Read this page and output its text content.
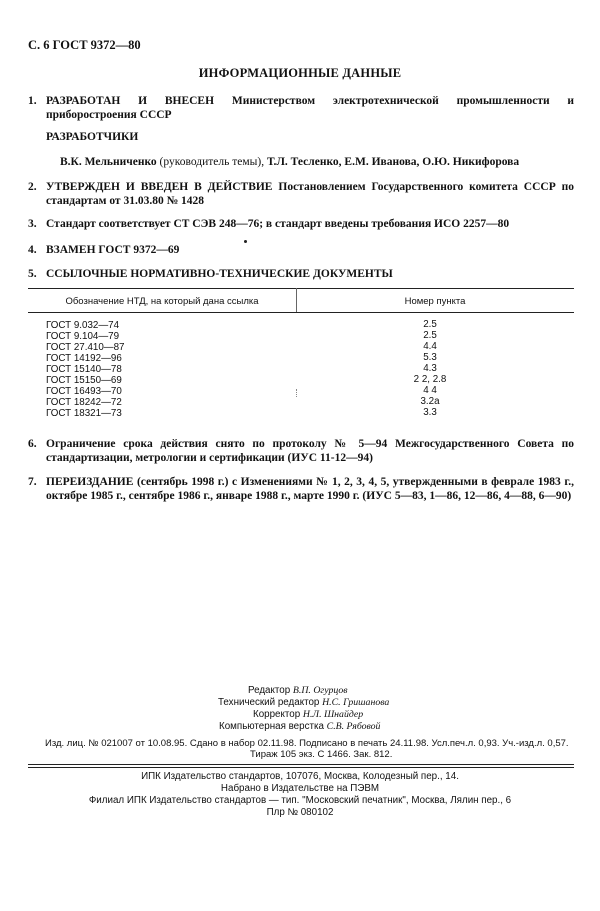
С. 6 ГОСТ 9372—80
ИНФОРМАЦИОННЫЕ ДАННЫЕ
1. РАЗРАБОТАН И ВНЕСЕН Министерством электротехнической промышленности и приборостроения СССР
РАЗРАБОТЧИКИ
В.К. Мельниченко (руководитель темы), Т.Л. Тесленко, Е.М. Иванова, О.Ю. Никифорова
2. УТВЕРЖДЕН И ВВЕДЕН В ДЕЙСТВИЕ Постановлением Государственного комитета СССР по стандартам от 31.03.80 № 1428
3. Стандарт соответствует СТ СЭВ 248—76; в стандарт введены требования ИСО 2257—80
4. ВЗАМЕН ГОСТ 9372—69
5. ССЫЛОЧНЫЕ НОРМАТИВНО-ТЕХНИЧЕСКИЕ ДОКУМЕНТЫ
Обозначение НТД, на который дана ссылка	Номер пункта
ГОСТ 9.032—74	2.5
ГОСТ 9.104—79	2.5
ГОСТ 27.410—87	4.4
ГОСТ 14192—96	5.3
ГОСТ 15140—78	4.3
ГОСТ 15150—69	2 2, 2.8
ГОСТ 16493—70	4 4
ГОСТ 18242—72	3.2а
ГОСТ 18321—73	3.3
6. Ограничение срока действия снято по протоколу № 5—94 Межгосударственного Совета по стандартизации, метрологии и сертификации (ИУС 11-12—94)
7. ПЕРЕИЗДАНИЕ (сентябрь 1998 г.) с Изменениями № 1, 2, 3, 4, 5, утвержденными в феврале 1983 г., октябре 1985 г., сентябре 1986 г., январе 1988 г., марте 1990 г. (ИУС 5—83, 1—86, 12—86, 4—88, 6—90)
Редактор В.П. Огурцов
Технический редактор Н.С. Гришанова
Корректор Н.Л. Шнайдер
Компьютерная верстка С.В. Рябовой
Изд. лиц. № 021007 от 10.08.95. Сдано в набор 02.11.98. Подписано в печать 24.11.98. Усл.печ.л. 0,93. Уч.-изд.л. 0,57.
Тираж 105 экз. С 1466. Зак. 812.
ИПК Издательство стандартов, 107076, Москва, Колодезный пер., 14.
Набрано в Издательстве на ПЭВМ
Филиал ИПК Издательство стандартов — тип. "Московский печатник", Москва, Лялин пер., 6
Плр № 080102
